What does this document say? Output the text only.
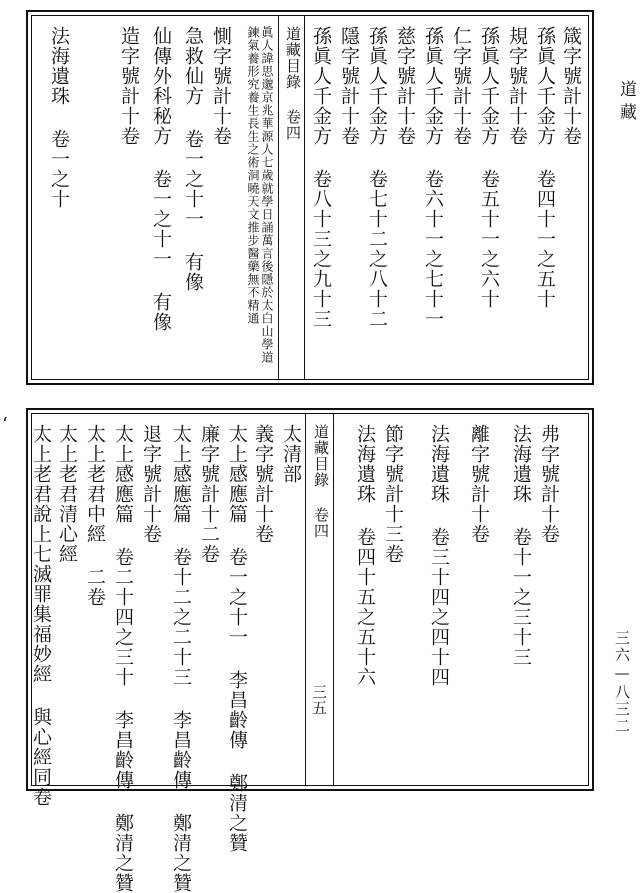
道藏
三六—八三二
箴字號計十卷
孫眞人千金方 卷四十一之五十
規字號計十卷
孫眞人千金方 卷五十一之六十
仁字號計十卷
孫眞人千金方 卷六十一之七十一
慈字號計十卷
孫眞人千金方 卷七十二之八十二
隱字號計十卷
孫眞人千金方 卷八十三之九十三
道藏目錄 卷四
眞人諱思邈京兆華源人七歲就學日誦萬言後隱於太白山學道鍊氣養形究養生長生之術洞曉天文推步醫藥無不精通
惻字號計十卷
急救仙方 卷一之十一 有像
仙傳外科秘方 卷一之十一 有像
造字號計十卷
法海遺珠 卷一之十
‘	弗字號計十卷
法海遺珠 卷十一之三十三
離字號計十卷
法海遺珠 卷三十四之四十四
節字號計十三卷
法海遺珠 卷四十五之五十六
道藏目錄 卷四
太清部
義字號計十卷
太上感應篇 卷一之十一 李昌齡傳 鄭清之贊
廉字號計十二卷
太上感應篇 卷十二之二十三 李昌齡傳 鄭清之贊
退字號計十卷
太上感應篇 卷二十四之三十 李昌齡傳 鄭清之贊
太上老君中經 二卷
太上老君清心經
太上老君說上七滅罪集福妙經 與心經同卷	三五
